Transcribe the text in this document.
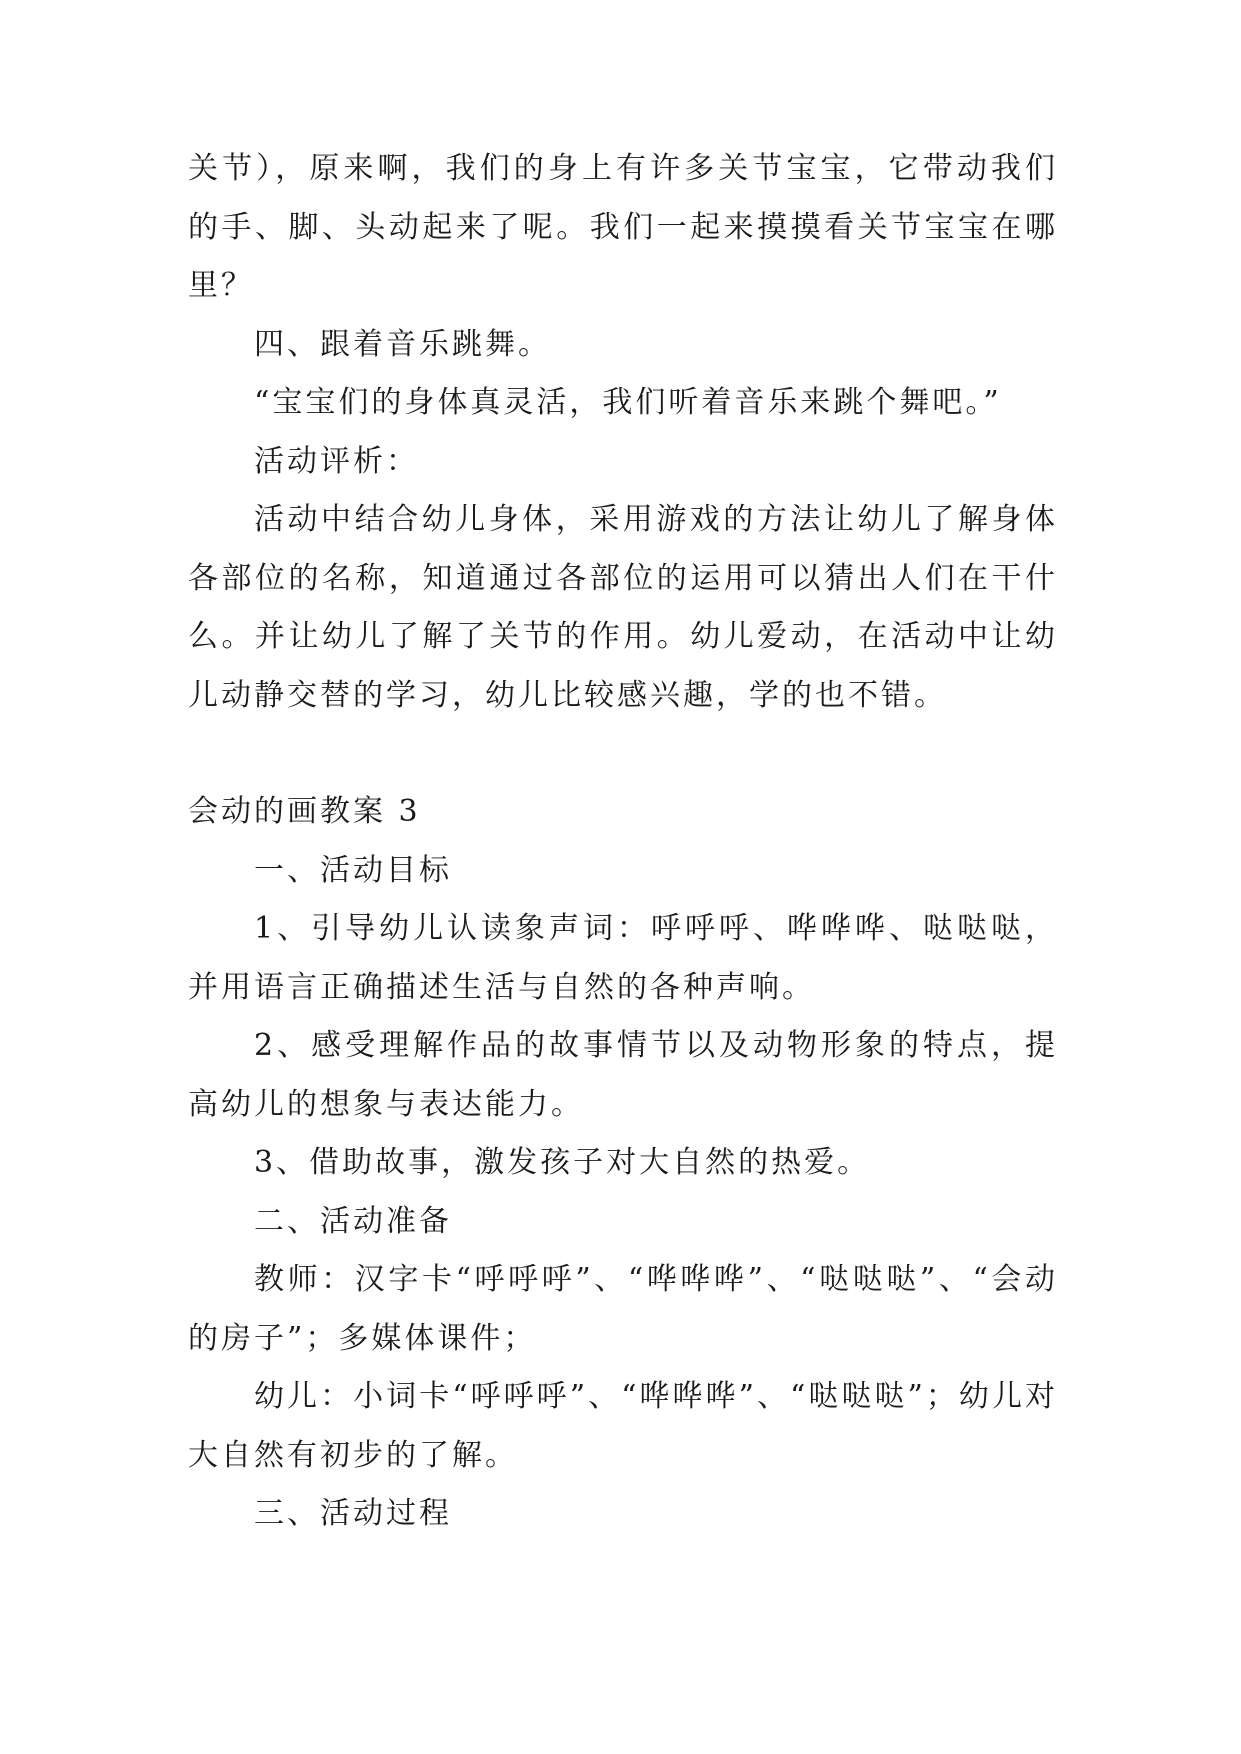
关节），原来啊，我们的身上有许多关节宝宝，它带动我们的手、脚、头动起来了呢。我们一起来摸摸看关节宝宝在哪里？

四、跟着音乐跳舞。

“宝宝们的身体真灵活，我们听着音乐来跳个舞吧。”

活动评析：

活动中结合幼儿身体，采用游戏的方法让幼儿了解身体各部位的名称，知道通过各部位的运用可以猜出人们在干什么。并让幼儿了解了关节的作用。幼儿爱动，在活动中让幼儿动静交替的学习，幼儿比较感兴趣，学的也不错。

会动的画教案 3

一、活动目标

1、引导幼儿认读象声词：呼呼呼、哗哗哗、哒哒哒，并用语言正确描述生活与自然的各种声响。

2、感受理解作品的故事情节以及动物形象的特点，提高幼儿的想象与表达能力。

3、借助故事，激发孩子对大自然的热爱。

二、活动准备

教师：汉字卡“呼呼呼”、“哗哗哗”、“哒哒哒”、“会动的房子”；多媒体课件；

幼儿：小词卡“呼呼呼”、“哗哗哗”、“哒哒哒”；幼儿对大自然有初步的了解。

三、活动过程
